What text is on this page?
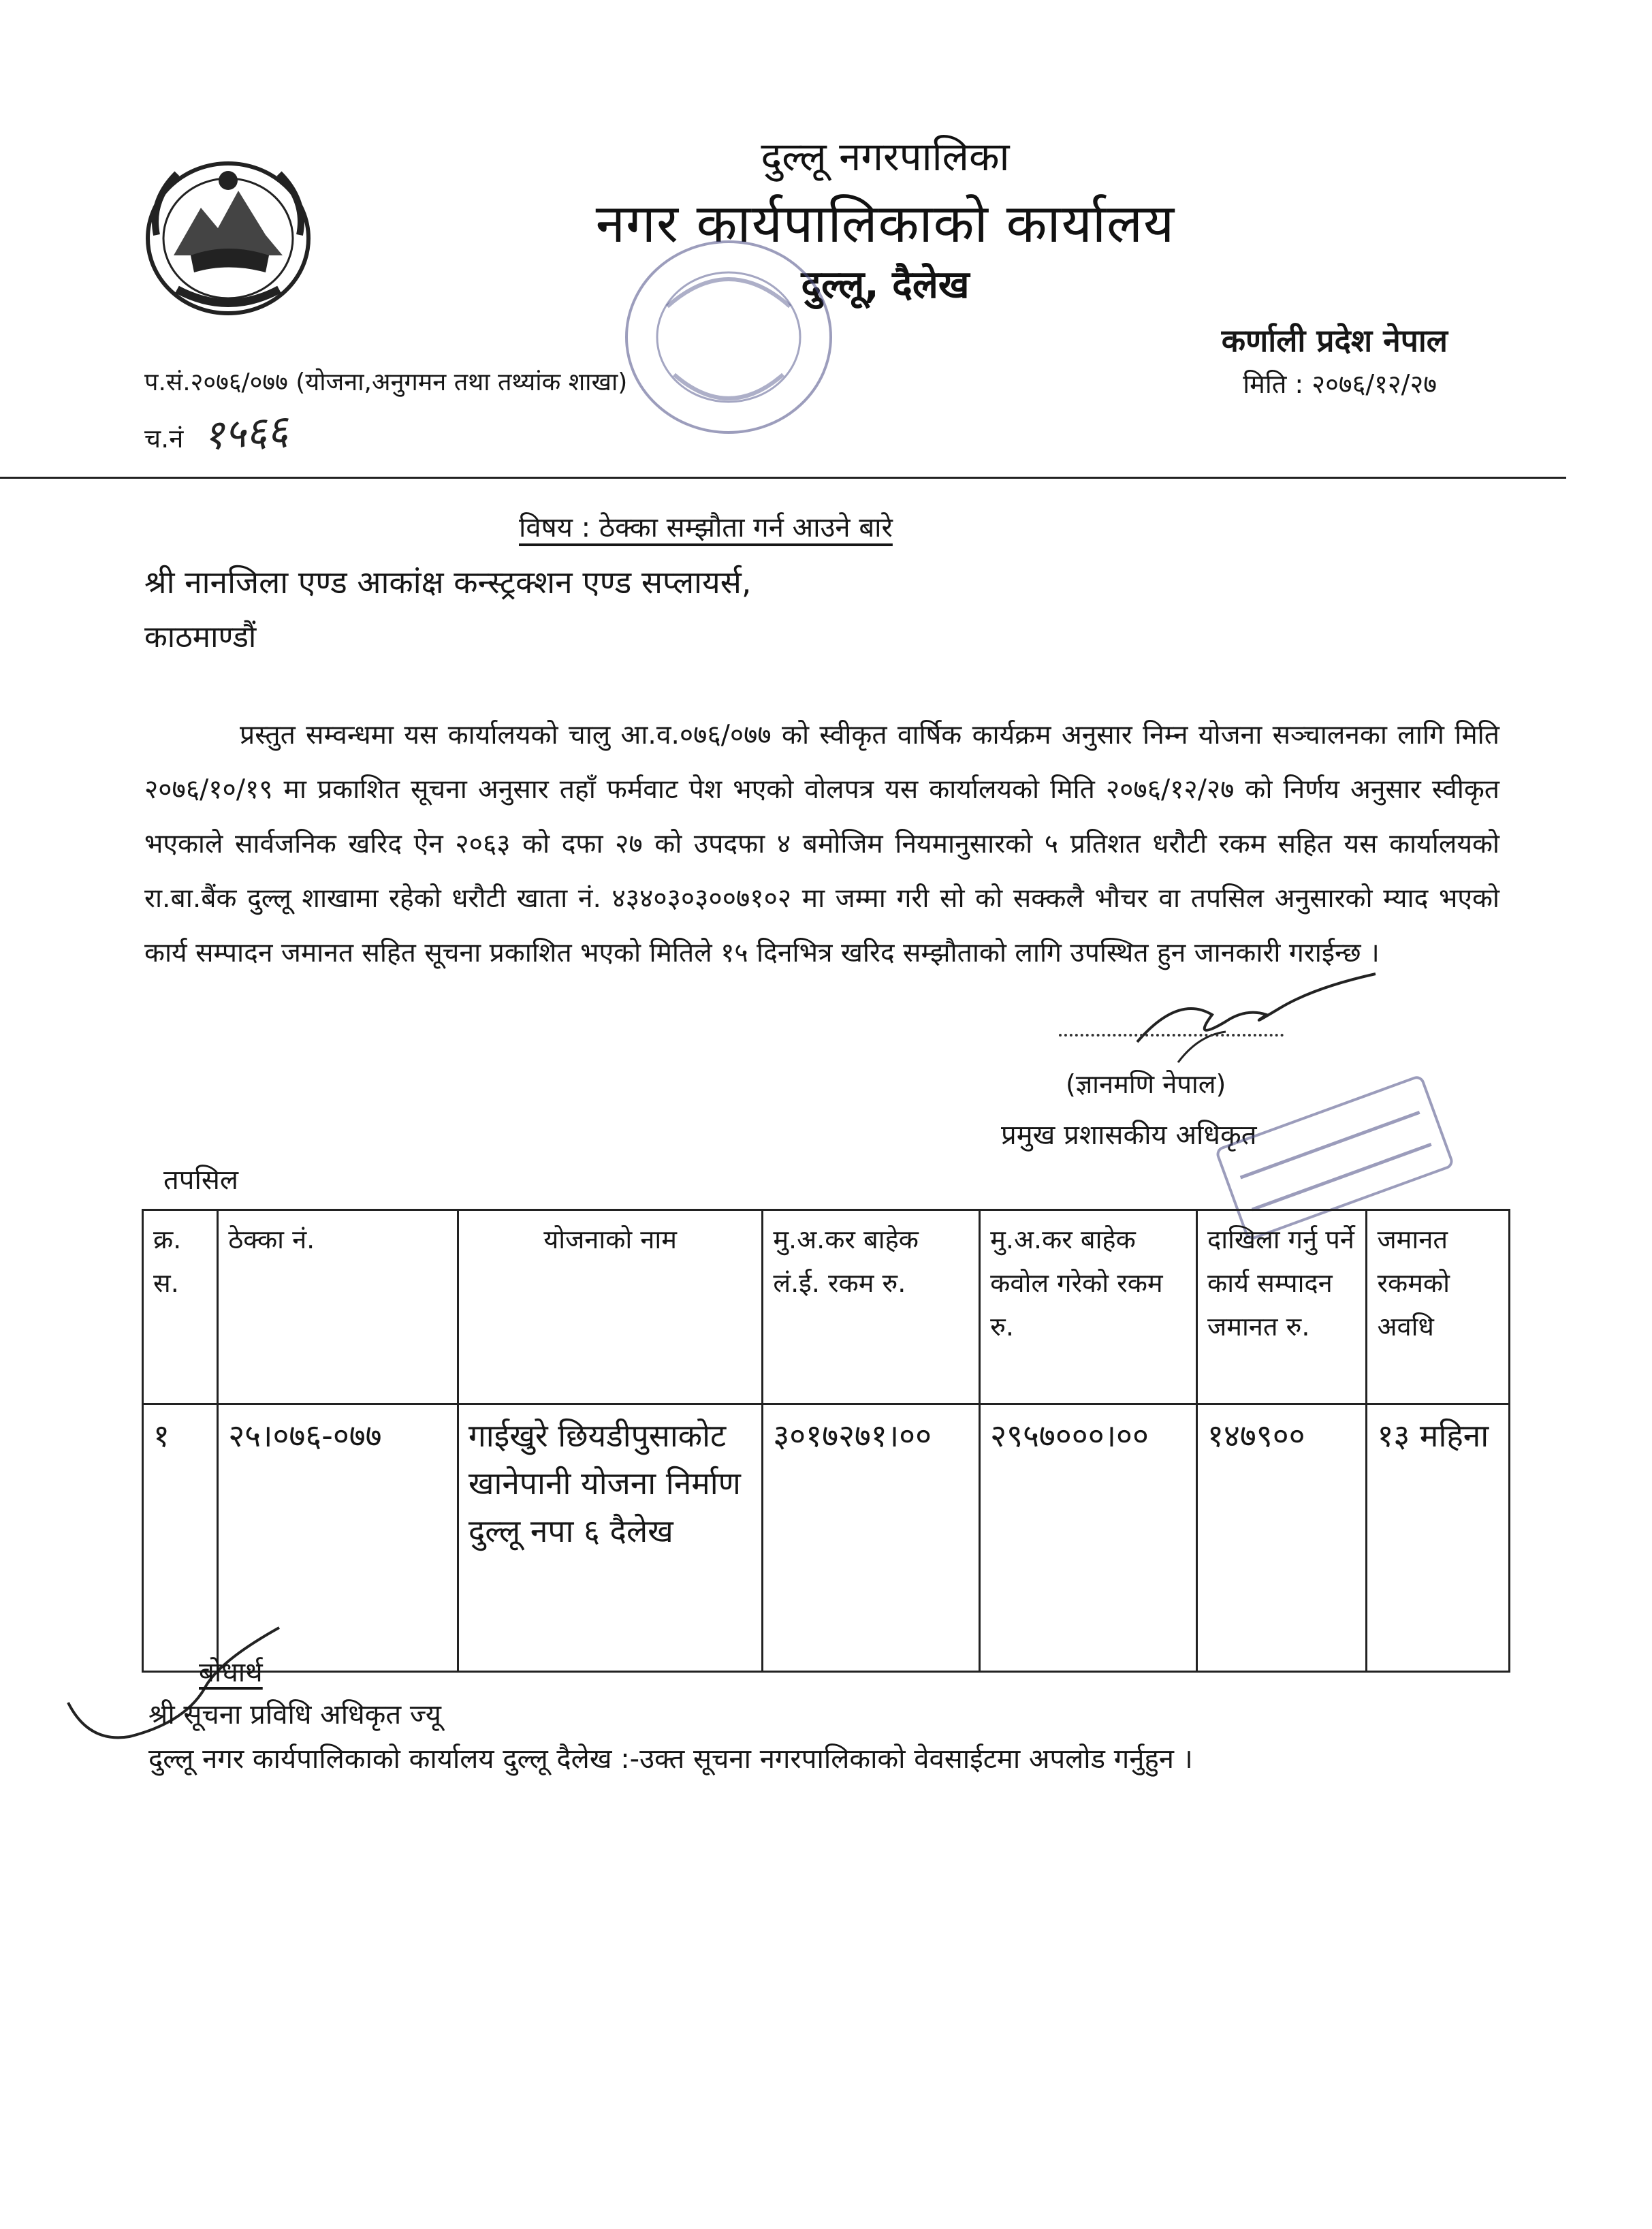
दुल्लू नगरपालिका
नगर कार्यपालिकाको कार्यालय
दुल्लू, दैलेख
कर्णाली प्रदेश नेपाल
मिति : २०७६/१२/२७
प.सं.२०७६/०७७ (योजना,अनुगमन तथा तथ्यांक शाखा)
च.नं १५६६
विषय : ठेक्का सम्झौता गर्न आउने बारे
श्री नानजिला एण्ड आकांक्ष कन्स्ट्रक्शन एण्ड सप्लायर्स,
काठमाण्डौं
प्रस्तुत सम्वन्धमा यस कार्यालयको चालु आ.व.०७६/०७७ को स्वीकृत वार्षिक कार्यक्रम अनुसार निम्न योजना सञ्चालनका लागि मिति २०७६/१०/१९ मा प्रकाशित सूचना अनुसार तहाँ फर्मवाट पेश भएको वोलपत्र यस कार्यालयको मिति २०७६/१२/२७ को निर्णय अनुसार स्वीकृत भएकाले सार्वजनिक खरिद ऐन २०६३ को दफा २७ को उपदफा ४ बमोजिम नियमानुसारको ५ प्रतिशत धरौटी रकम सहित यस कार्यालयको रा.बा.बैंक दुल्लू शाखामा रहेको धरौटी खाता नं. ४३४०३०३००७१०२ मा जम्मा गरी सो को सक्कलै भौचर वा तपसिल अनुसारको म्याद भएको कार्य सम्पादन जमानत सहित सूचना प्रकाशित भएको मितिले १५ दिनभित्र खरिद सम्झौताको लागि उपस्थित हुन जानकारी गराईन्छ ।
(ज्ञानमणि नेपाल)
प्रमुख प्रशासकीय अधिकृत
तपसिल
क्र. स.	ठेक्का नं.	योजनाको नाम	मु.अ.कर बाहेक लं.ई. रकम रु.	मु.अ.कर बाहेक कवोल गरेको रकम रु.	दाखिला गर्नु पर्ने कार्य सम्पादन जमानत रु.	जमानत रकमको अवधि
१	२५।०७६-०७७	गाईखुरे छियडीपुसाकोट खानेपानी योजना निर्माण दुल्लू नपा ६ दैलेख	३०१७२७१।००	२९५७०००।००	१४७९००	१३ महिना
बोधार्थ
श्री सूचना प्रविधि अधिकृत ज्यू
दुल्लू नगर कार्यपालिकाको कार्यालय दुल्लू दैलेख :-उक्त सूचना नगरपालिकाको वेवसाईटमा अपलोड गर्नुहुन ।
